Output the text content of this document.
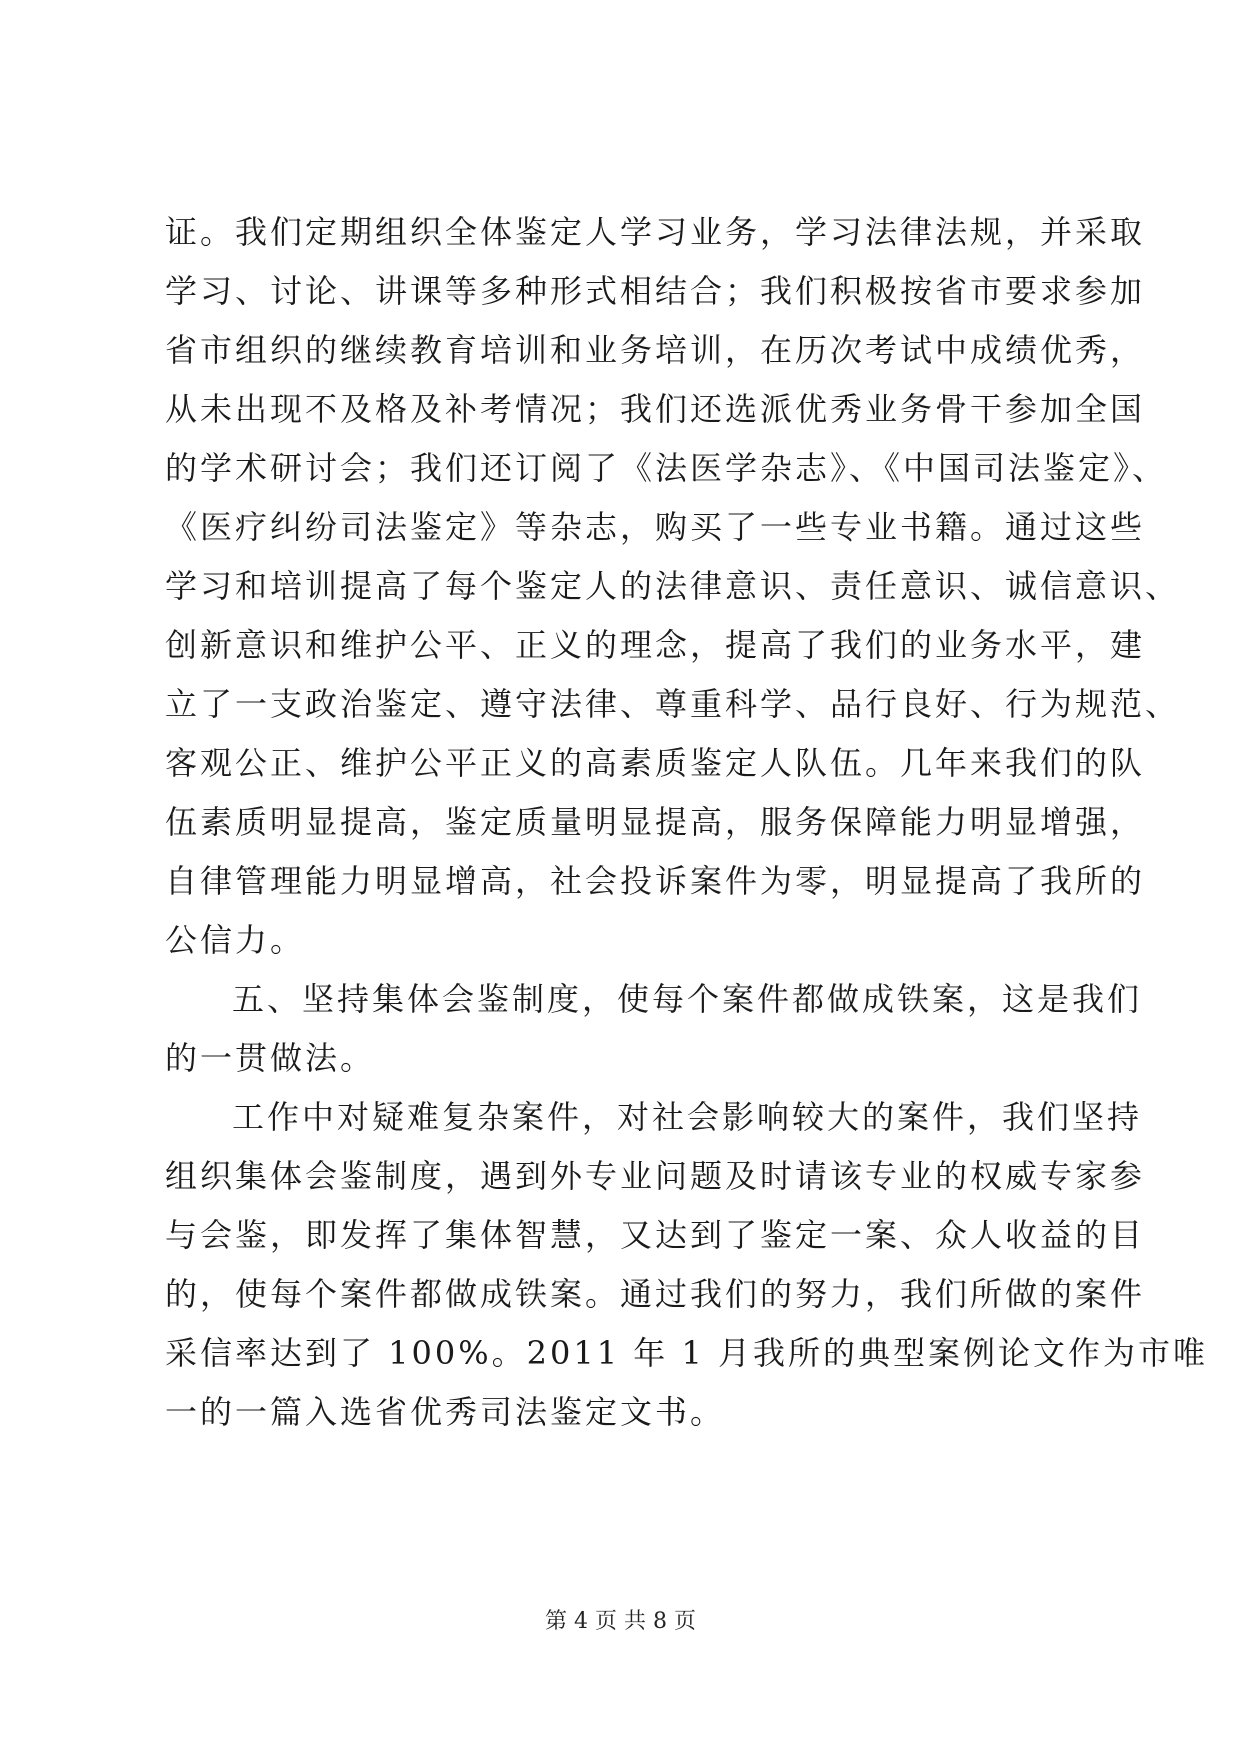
证。我们定期组织全体鉴定人学习业务，学习法律法规，并采取
学习、讨论、讲课等多种形式相结合；我们积极按省市要求参加
省市组织的继续教育培训和业务培训，在历次考试中成绩优秀，
从未出现不及格及补考情况；我们还选派优秀业务骨干参加全国
的学术研讨会；我们还订阅了《法医学杂志》、《中国司法鉴定》、
《医疗纠纷司法鉴定》等杂志，购买了一些专业书籍。通过这些
学习和培训提高了每个鉴定人的法律意识、责任意识、诚信意识、
创新意识和维护公平、正义的理念，提高了我们的业务水平，建
立了一支政治鉴定、遵守法律、尊重科学、品行良好、行为规范、
客观公正、维护公平正义的高素质鉴定人队伍。几年来我们的队
伍素质明显提高，鉴定质量明显提高，服务保障能力明显增强，
自律管理能力明显增高，社会投诉案件为零，明显提高了我所的
公信力。
五、坚持集体会鉴制度，使每个案件都做成铁案，这是我们
的一贯做法。
工作中对疑难复杂案件，对社会影响较大的案件，我们坚持
组织集体会鉴制度，遇到外专业问题及时请该专业的权威专家参
与会鉴，即发挥了集体智慧，又达到了鉴定一案、众人收益的目
的，使每个案件都做成铁案。通过我们的努力，我们所做的案件
采信率达到了 100%。2011 年 1 月我所的典型案例论文作为市唯
一的一篇入选省优秀司法鉴定文书。
第 4 页 共 8 页
